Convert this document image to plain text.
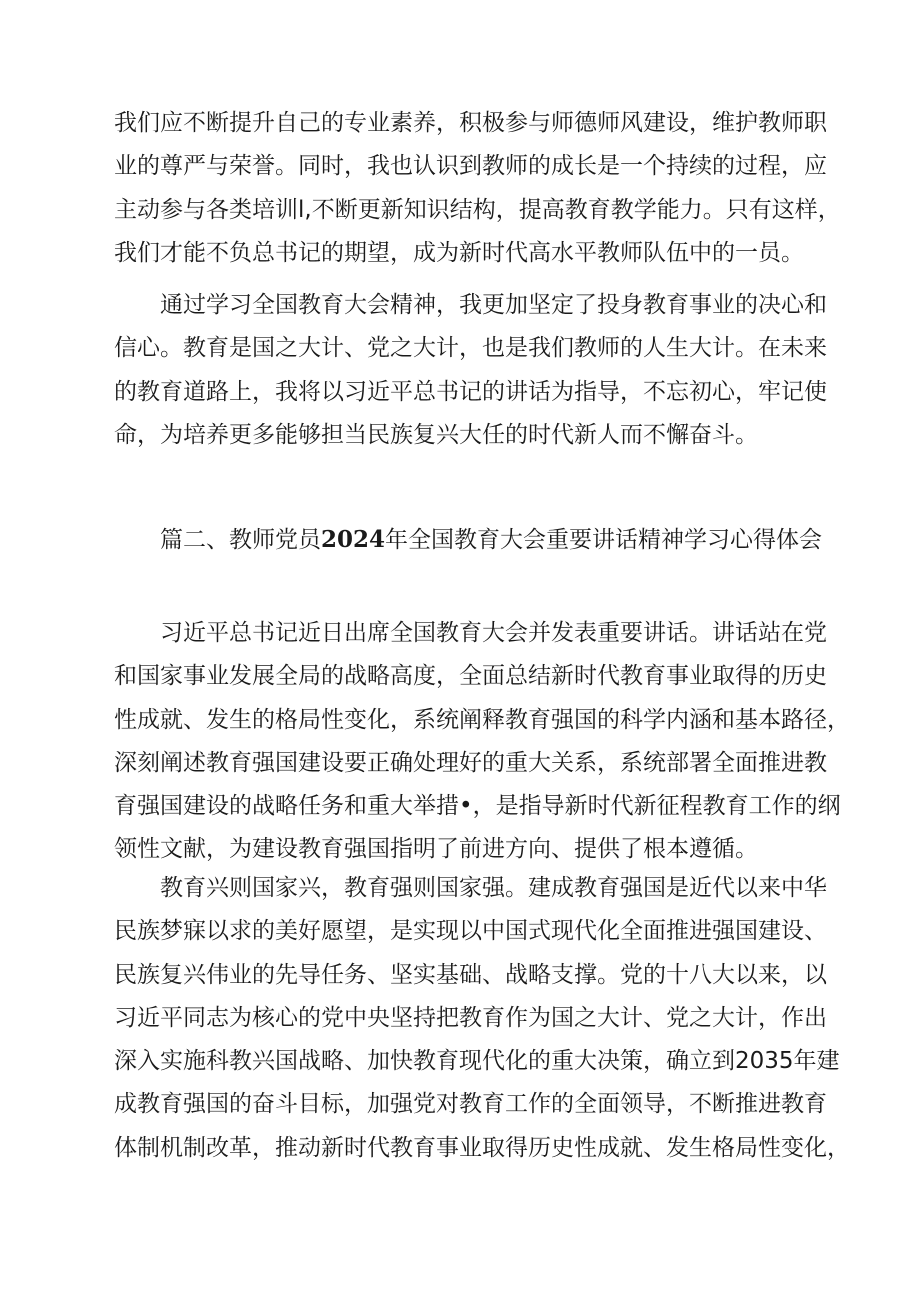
我们应不断提升自己的专业素养，积极参与师德师风建设，维护教师职
业的尊严与荣誉。同时，我也认识到教师的成长是一个持续的过程，应
主动参与各类培训l,不断更新知识结构，提高教育教学能力。只有这样，
我们才能不负总书记的期望，成为新时代高水平教师队伍中的一员。
通过学习全国教育大会精神，我更加坚定了投身教育事业的决心和
信心。教育是国之大计、党之大计，也是我们教师的人生大计。在未来
的教育道路上，我将以习近平总书记的讲话为指导，不忘初心，牢记使
命，为培养更多能够担当民族复兴大任的时代新人而不懈奋斗。
篇二、教师党员2024年全国教育大会重要讲话精神学习心得体会
习近平总书记近日出席全国教育大会并发表重要讲话。讲话站在党
和国家事业发展全局的战略高度，全面总结新时代教育事业取得的历史
性成就、发生的格局性变化，系统阐释教育强国的科学内涵和基本路径，
深刻阐述教育强国建设要正确处理好的重大关系，系统部署全面推进教
育强国建设的战略任务和重大举措•，是指导新时代新征程教育工作的纲
领性文献，为建设教育强国指明了前进方向、提供了根本遵循。
教育兴则国家兴，教育强则国家强。建成教育强国是近代以来中华
民族梦寐以求的美好愿望，是实现以中国式现代化全面推进强国建设、
民族复兴伟业的先导任务、坚实基础、战略支撑。党的十八大以来，以
习近平同志为核心的党中央坚持把教育作为国之大计、党之大计，作出
深入实施科教兴国战略、加快教育现代化的重大决策，确立到2035年建
成教育强国的奋斗目标，加强党对教育工作的全面领导，不断推进教育
体制机制改革，推动新时代教育事业取得历史性成就、发生格局性变化，
